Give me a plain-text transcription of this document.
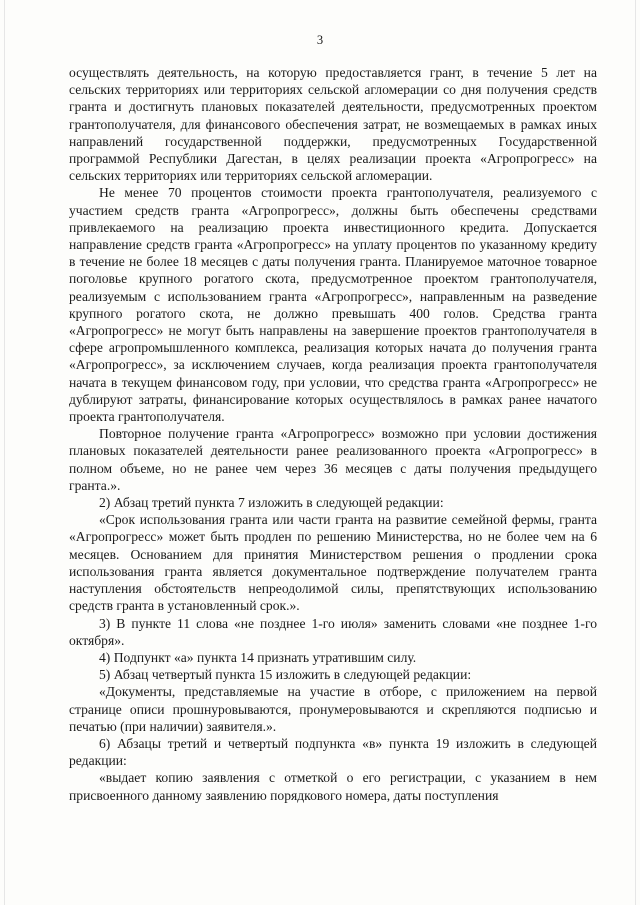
3

осуществлять деятельность, на которую предоставляется грант, в течение 5 лет на сельских территориях или территориях сельской агломерации со дня получения средств гранта и достигнуть плановых показателей деятельности, предусмотренных проектом грантополучателя, для финансового обеспечения затрат, не возмещаемых в рамках иных направлений государственной поддержки, предусмотренных Государственной программой Республики Дагестан, в целях реализации проекта «Агропрогресс» на сельских территориях или территориях сельской агломерации.

Не менее 70 процентов стоимости проекта грантополучателя, реализуемого с участием средств гранта «Агропрогресс», должны быть обеспечены средствами привлекаемого на реализацию проекта инвестиционного кредита. Допускается направление средств гранта «Агропрогресс» на уплату процентов по указанному кредиту в течение не более 18 месяцев с даты получения гранта. Планируемое маточное товарное поголовье крупного рогатого скота, предусмотренное проектом грантополучателя, реализуемым с использованием гранта «Агропрогресс», направленным на разведение крупного рогатого скота, не должно превышать 400 голов. Средства гранта «Агропрогресс» не могут быть направлены на завершение проектов грантополучателя в сфере агропромышленного комплекса, реализация которых начата до получения гранта «Агропрогресс», за исключением случаев, когда реализация проекта грантополучателя начата в текущем финансовом году, при условии, что средства гранта «Агропрогресс» не дублируют затраты, финансирование которых осуществлялось в рамках ранее начатого проекта грантополучателя.

Повторное получение гранта «Агропрогресс» возможно при условии достижения плановых показателей деятельности ранее реализованного проекта «Агропрогресс» в полном объеме, но не ранее чем через 36 месяцев с даты получения предыдущего гранта.».

2) Абзац третий пункта 7 изложить в следующей редакции:

«Срок использования гранта или части гранта на развитие семейной фермы, гранта «Агропрогресс» может быть продлен по решению Министерства, но не более чем на 6 месяцев. Основанием для принятия Министерством решения о продлении срока использования гранта является документальное подтверждение получателем гранта наступления обстоятельств непреодолимой силы, препятствующих использованию средств гранта в установленный срок.».

3) В пункте 11 слова «не позднее 1-го июля» заменить словами «не позднее 1-го октября».

4) Подпункт «а» пункта 14 признать утратившим силу.

5) Абзац четвертый пункта 15 изложить в следующей редакции:

«Документы, представляемые на участие в отборе, с приложением на первой странице описи прошнуровываются, пронумеровываются и скрепляются подписью и печатью (при наличии) заявителя.».

6) Абзацы третий и четвертый подпункта «в» пункта 19 изложить в следующей редакции:

«выдает копию заявления с отметкой о его регистрации, с указанием в нем присвоенного данному заявлению порядкового номера, даты поступления
